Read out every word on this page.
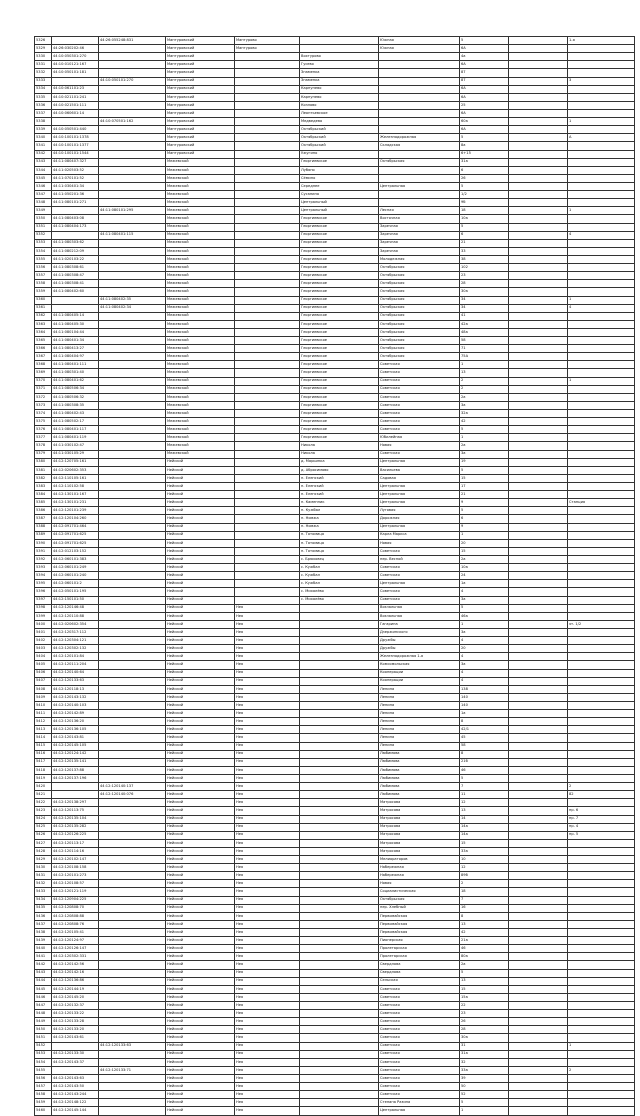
5326		44:26:055248:831	Мантуровский	Мантурово		Южная	5		1-я
5329	44:26:030202:46		Мантуровский	Мантурово		Южная	6А		
5330	44:10:050301:270		Мантуровский		Вохтурово		4а		
5331	44:10:010121:167		Мантуровский		Гусево		6А		
5332	44:10:050101:181		Мантуровский		Знаменка		87		
5333		44:10:050101:270	Мантуровский		Знаменка		87		3
5334	44:10:061101:23		Мантуровский		Карпунево		6А		
5335	44:10:021101:241		Мантуровский		Карпунево		6А		
5336	44:10:021501:111		Мантуровский		Козлово		25		
5337	44:10:060601:14		Мантуровский		Леонтьевское		6А		
5338		44:10:070501:162	Мантуровский		Медведево		60а		1
5339	44:10:050501:440		Мантуровский		Октябрьский		6А		
5340	44:10:100101:1378		Мантуровский		Октябрьский	Железнодорожная	5		А
5341	44:10:100101:1377		Мантуровский		Октябрьский	Складская	8а		
5342	44:10:100101:1544		Мантуровский		Ужугино		6+15		
5343	44:11:080407:327		Межевской		Георгиевское	Октябрьская	31а		
5344	44:11:020503:52		Межевской		Лубяно		6		
5345	44:11:070101:52		Межевской		Сёмино		26		
5346	44:11:030401:34		Межевской		Середнее	Центральная	5		
5347	44:11:050201:36		Межевской		Сусанино		1/2		
5348	44:11:080101:271		Межевской		Центральный		9б		
5349		44:11:080101:295	Межевской		Центральный	Лесная	18		1
5350	44:11:080403:08		Межевской		Георгиевское	Восточная	10а		
5351	44:11:080404:173		Межевской		Георгиевское	Заречная	5		
5352		44:11:080401:115	Межевской		Георгиевское	Заречная	6		4
5353	44:11:080303:62		Межевской		Георгиевское	Заречная	21		
5354	44:11:080212:09		Межевской		Георгиевское	Заречная	33		
5355	44:11:020103:22		Межевской		Георгиевское	Молодежная	38		
5356	44:11:080308:61		Межевской		Георгиевское	Октябрьская	102		
5357	44:11:080308:47		Межевской		Георгиевское	Октябрьская	23		
5358	44:11:080308:41		Межевской		Георгиевское	Октябрьская	28		
5359	44:11:080402:60		Межевской		Георгиевское	Октябрьская	30а		
5360		44:11:080402:35	Межевской		Георгиевское	Октябрьская	34		1
5361		44:11:080402:34	Межевской		Георгиевское	Октябрьская	34		4
5362	44:11:080405:14		Межевской		Георгиевское	Октябрьская	41		
5363	44:11:080405:30		Межевской		Георгиевское	Октябрьская	42а		
5364	44:11:080104:44		Межевской		Георгиевское	Октябрьская	48а		
5365	44:11:080401:34		Межевской		Георгиевское	Октябрьская	58		
5366	44:11:080413:27		Межевской		Георгиевское	Октябрьская	71		
5367	44:11:080404:97		Межевской		Георгиевское	Октябрьская	75А		
5368	44:11:080401:111		Межевской		Георгиевское	Советская	1		
5369	44:11:080301:40		Межевской		Георгиевское	Советская	13		
5370	44:11:080401:62		Межевской		Георгиевское	Советская	2		1
5371	44:11:080506:34		Межевской		Георгиевское	Советская	2		
5372	44:11:080506:32		Межевской		Георгиевское	Советская	2а		
5373	44:11:080308:35		Межевской		Георгиевское	Советская	3а		
5374	44:11:080402:43		Межевской		Георгиевское	Советская	32а		
5375	44:11:080502:17		Межевской		Георгиевское	Советская	42		
5376	44:11:080401:117		Межевской		Георгиевское	Советская	5		
5377	44:11:080401:119		Межевской		Георгиевское	Юбилейная	1		
5378	44:11:030102:47		Межевской		Никола	Новая	2а		
5379	44:11:030105:29		Межевской		Никола	Советская	3а		
5380	44:12:120705:161		Нейский		д. Марьинка	Центральная	19		
5381	44:12:020602:353		Нейский		д. Абросимово	Васильева	5		
5382	44:12:110105:161		Нейский		п. Еленский	Садовая	15		
5383	44:12:110102:58		Нейский		п. Еленский	Центральная	17		
5384	44:12:130101:167		Нейский		п. Еленский	Центральная	21		
5385	44:12:130101:231		Нейский		п. Каменник	Центральная	9		Станция
5386	44:12:120101:239		Нейский		п. Кужбал	Луговая	5		
5387	44:12:120104:260		Нейский		п. Номжа	Дорожная	6		
5388	44:12:091701:464		Нейский		п. Номжа	Центральная	9		
5389	44:12:091701:625		Нейский		п. Тотомица	Карла Маркса	1		
5390	44:12:091701:625		Нейский		п. Тотомица	Новая	20		
5391	44:12:012103:152		Нейский		п. Тотомица	Советская	15		
5392	44:12:060101:383		Нейский		с. Брюховец	пер. Весной	2а		
5393	44:12:060101:249		Нейский		с. Кужбал	Советская	10а		
5394	44:12:060101:240		Нейский		с. Кужбал	Советская	24		
5395	44:12:060101:2		Нейский		с. Кужбал	Центральная	1а		
5396	44:12:050101:195		Нейский		с. Михалёво	Советская	4		
5397	44:12:150101:50		Нейский		с. Михалёво	Советская	3а		
5398	44:12:120146:48		Нейский	Нея		Вокзальная	5		
5399	44:12:120110:88		Нейский	Нея		Вокзальная	46а		
5400	44:12:020602:354		Нейский	Нея		Гагарина	1		эт. 1/2
5401	44:12:120317:112		Нейский	Нея		Дзержинского	3а		
5402	44:12:120304:121		Нейский	Нея		Дружбы	4		
5403	44:12:120302:132		Нейский	Нея		Дружбы	20		
5404	44:12:120101:84		Нейский	Нея		Железнодорожная 1-я	4		
5405	44:12:120111:204		Нейский	Нея		Комсомольская	3а		
5406	44:12:120140:64		Нейский	Нея		Кооперации	4		
5407	44:12:120133:63		Нейский	Нея		Кооперации	4		
5408	44:12:120118:13		Нейский	Нея		Ленина	138		
5409	44:12:120143:132		Нейский	Нея		Ленина	140		
5410	44:12:120140:103		Нейский	Нея		Ленина	140		
5411	44:12:120142:89		Нейский	Нея		Ленина	1а		
5412	44:12:120136:20		Нейский	Нея		Ленина	8		
5413	44:12:120136:105		Нейский	Нея		Ленина	42/1		
5414	44:12:120143:81		Нейский	Нея		Ленина	45		
5415	44:12:120145:105		Нейский	Нея		Ленина	58		
5416	44:12:120124:142		Нейский	Нея		Любимова	8		
5417	44:12:120135:141		Нейский	Нея		Любимова	21б		
5418	44:12:120137:88		Нейский	Нея		Любимова	46		
5419	44:12:120137:196		Нейский	Нея		Любимова	5		
5420		44:12:120140:137	Нейский	Нея		Любимова	7		2
5421		44:12:120140:076	Нейский	Нея		Любимова	11		82
5422	44:12:120138:297		Нейский	Нея		Матросова	12		
5423	44:12:120113:75		Нейский	Нея		Матросова	13		пр. 6
5424	44:12:120135:104		Нейский	Нея		Матросова	14		пр. 7
5425	44:12:120135:282		Нейский	Нея		Матросова	14а		пр. 4
5426	44:12:120126:225		Нейский	Нея		Матросова	14а		пр. 5
5427	44:12:120113:17		Нейский	Нея		Матросова	15		
5428	44:12:120114:16		Нейский	Нея		Матросова	33а		
5429	44:12:120102:147		Нейский	Нея		Мелиораторов	10		
5430	44:12:120108:158		Нейский	Нея		Набережная	12		
5431	44:12:120101:273		Нейский	Нея		Набережная	89б		
5432	44:12:120108:57		Нейский	Нея		Новая	2		
5433	44:12:120121:119		Нейский	Нея		Социалистическая	18		
5434	44:12:120904:225		Нейский	Нея		Октябрьская	7		
5435	44:12:120808:70		Нейский	Нея		пер. Хлебный	16		
5436	44:12:120808:88		Нейский	Нея		Первомайская	8		
5437	44:12:120808:76		Нейский	Нея		Первомайская	13		
5438	44:12:120105:41		Нейский	Нея		Первомайская	42		
5439	44:12:120124:97		Нейский	Нея		Пионерская	21а		
5440	44:12:120126:147		Нейский	Нея		Пролетарская	46		
5441	44:12:120302:331		Нейский	Нея		Пролетарская	80а		
5442	44:12:120142:56		Нейский	Нея		Свердлова	2а		
5443	44:12:120142:16		Нейский	Нея		Свердлова	5		
5444	44:12:120136:86		Нейский	Нея		Сельская	13		
5445	44:12:120144:19		Нейский	Нея		Советская	15		
5446	44:12:120145:20		Нейский	Нея		Советская	15а		
5447	44:12:120132:37		Нейский	Нея		Советская	22		
5448	44:12:120133:22		Нейский	Нея		Советская	23		
5449	44:12:120133:28		Нейский	Нея		Советская	26		
5450	44:12:120133:20		Нейский	Нея		Советская	28		
5451	44:12:120143:61		Нейский	Нея		Советская	30а		
5452		44:12:120133:63	Нейский	Нея		Советская	31		1
5453	44:12:120133:30		Нейский	Нея		Советская	31а		
5454	44:12:120143:37		Нейский	Нея		Советская	32		
5455		44:12:120133:71	Нейский	Нея		Советская	33а		2
5456	44:12:120143:63		Нейский	Нея		Советская	39		
5457	44:12:120143:50		Нейский	Нея		Советская	50		
5458	44:12:120143:244		Нейский	Нея		Советская	52		
5459	44:12:120148:122		Нейский	Нея		Степана Разина	5		
5460	44:12:120145:144		Нейский	Нея		Центральная	1		
